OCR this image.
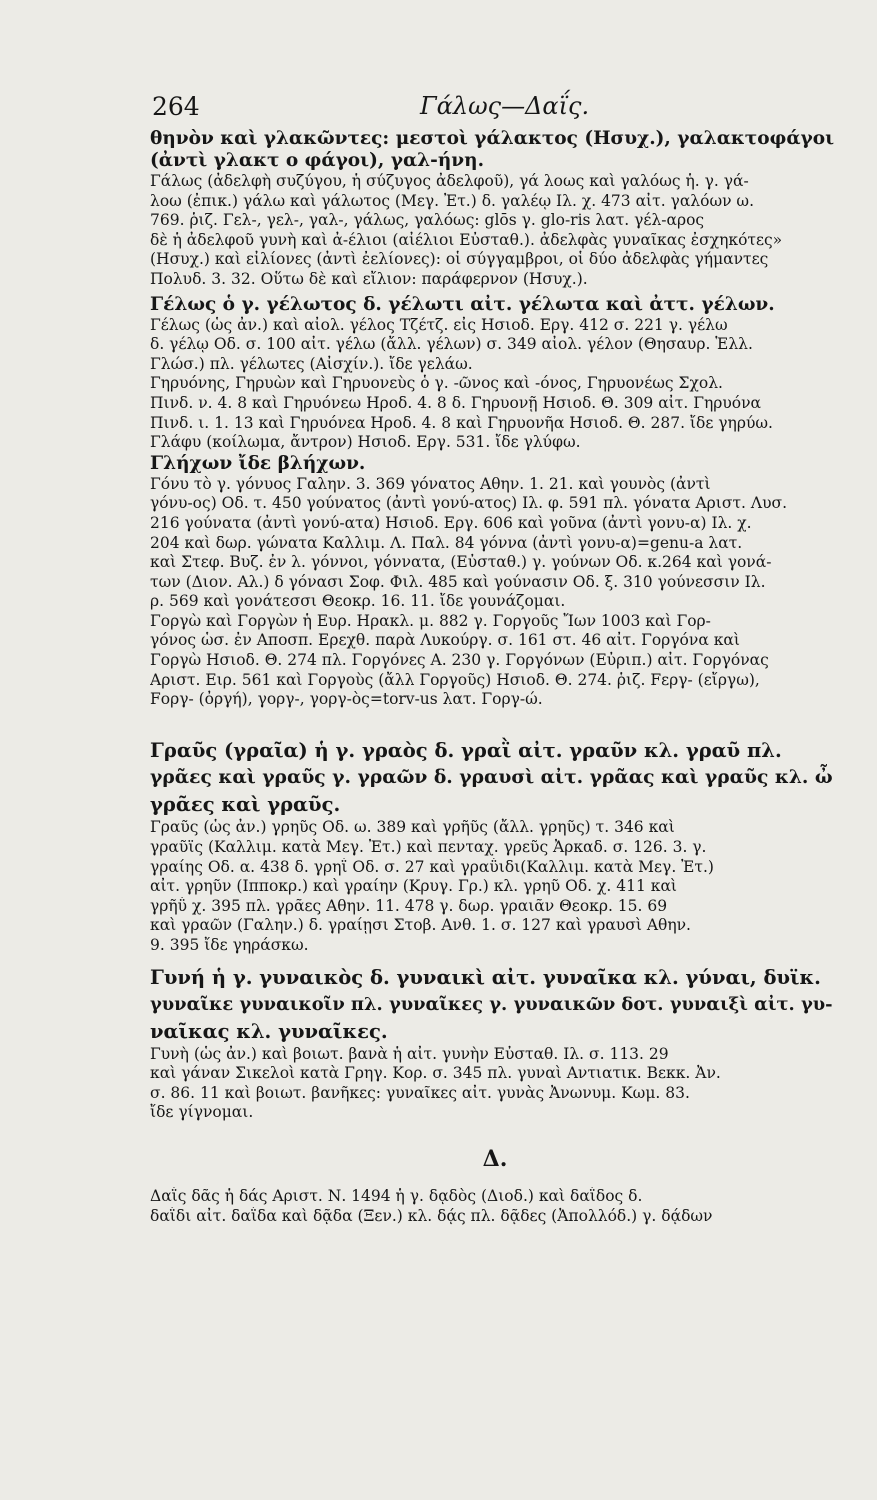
264	Γάλως—Δαΐς.
θηνὸν καὶ γλακῶντες: μεστοὶ γάλακτος (Ησυχ.), γαλακτοφάγοι
(ἀντὶ γλακτ ο φάγοι), γαλ-ήνη.
Γάλως (ἀδελφὴ συζύγου, ἡ σύζυγος ἀδελφοῦ), γά λοως καὶ γαλόως ἡ. γ. γά-
λοω (ἐπικ.) γάλω καὶ γάλωτος (Μεγ. Ἐτ.) δ. γαλέῳ Ιλ. χ. 473 αἰτ. γαλόων ω.
769. ῥιζ. Γελ-, γελ-, γαλ-, γάλως, γαλόως: glōs γ. glo-ris λατ. γέλ-αρος
δὲ ἡ ἀδελφοῦ γυνὴ καὶ ἀ-έλιοι (αἰέλιοι Εὐσταθ.). ἀδελφὰς γυναῖκας ἐσχηκότες»
(Ησυχ.) καὶ εἰλίονες (ἀντὶ ἐελίονες): οἱ σύγγαμβροι, οἱ δύο ἀδελφὰς γήμαντες
Πολυδ. 3. 32. Οὕτω δὲ καὶ εἴλιον: παράφερνον (Ησυχ.).
Γέλως ὁ γ. γέλωτος δ. γέλωτι αἰτ. γέλωτα καὶ ἀττ. γέλων.
Γέλως (ὡς ἀν.) καὶ αἰολ. γέλος Τζέτζ. εἰς Ησιοδ. Εργ. 412 σ. 221 γ. γέλω
δ. γέλῳ Οδ. σ. 100 αἰτ. γέλω (ἄλλ. γέλων) σ. 349 αἰολ. γέλον (Θησαυρ. Ἑλλ.
Γλώσ.) πλ. γέλωτες (Αἰσχίν.). ἴδε γελάω.
Γηρυόνης, Γηρυὼν καὶ Γηρυονεὺς ὁ γ. -ῶνος καὶ -όνος, Γηρυονέως Σχολ.
Πινδ. ν. 4. 8 καὶ Γηρυόνεω Ηροδ. 4. 8 δ. Γηρυονῇ Ησιοδ. Θ. 309 αἰτ. Γηρυόνα
Πινδ. ι. 1. 13 καὶ Γηρυόνεα Ηροδ. 4. 8 καὶ Γηρυονῆα Ησιοδ. Θ. 287. ἴδε γηρύω.
Γλάφυ (κοίλωμα, ἄντρον) Ησιοδ. Εργ. 531. ἴδε γλύφω.
Γλήχων ἴδε βλήχων.
Γόνυ τὸ γ. γόνυος Γαλην. 3. 369 γόνατος Αθην. 1. 21. καὶ γουνὸς (ἀντὶ
γόνυ-ος) Οδ. τ. 450 γούνατος (ἀντὶ γονύ-ατος) Ιλ. φ. 591 πλ. γόνατα Αριστ. Λυσ.
216 γούνατα (ἀντὶ γονύ-ατα) Ησιοδ. Εργ. 606 καὶ γοῦνα (ἀντὶ γονυ-α) Ιλ. χ.
204 καὶ δωρ. γώνατα Καλλιμ. Λ. Παλ. 84 γόννα (ἀντὶ γονυ-α)=genu-a λατ.
καὶ Στεφ. Βυζ. ἐν λ. γόννοι, γόννατα, (Εὐσταθ.) γ. γούνων Οδ. κ.264 καὶ γονά-
των (Διον. Αλ.) δ γόνασι Σοφ. Φιλ. 485 καὶ γούνασιν Οδ. ξ. 310 γούνεσσιν Ιλ.
ρ. 569 καὶ γονάτεσσι Θεοκρ. 16. 11. ἴδε γουνάζομαι.
Γοργὼ καὶ Γοργὼν ἡ Ευρ. Ηρακλ. μ. 882 γ. Γοργοῦς Ἴων 1003 καὶ Γορ-
γόνος ὡσ. ἐν Αποσπ. Ερεχθ. παρὰ Λυκούργ. σ. 161 στ. 46 αἰτ. Γοργόνα καὶ
Γοργὼ Ησιοδ. Θ. 274 πλ. Γοργόνες Α. 230 γ. Γοργόνων (Εὐριπ.) αἰτ. Γοργόνας
Αριστ. Ειρ. 561 καὶ Γοργοὺς (ἄλλ Γοργοῦς) Ησιοδ. Θ. 274. ῥιζ. Fεργ- (εἴργω),
Fοργ- (ὀργή), γοργ-, γοργ-ὸς=torv-us λατ. Γοργ-ώ.
Γραῦς (γραῖα) ἡ γ. γραὸς δ. γραῒ αἰτ. γραῦν κλ. γραῦ πλ.
γρᾶες καὶ γραῦς γ. γραῶν δ. γραυσὶ αἰτ. γρᾶας καὶ γραῦς κλ. ὦ
γρᾶες καὶ γραῦς.
Γραῦς (ὡς ἀν.) γρηῦς Οδ. ω. 389 καὶ γρῆῦς (ἄλλ. γρηῦς) τ. 346 καὶ
γραῦϊς (Καλλιμ. κατὰ Μεγ. Ἐτ.) καὶ πενταχ. γρεῦς Ἀρκαδ. σ. 126. 3. γ.
γραίης Οδ. α. 438 δ. γρηῒ Οδ. σ. 27 καὶ γραΰιδι(Καλλιμ. κατὰ Μεγ. Ἐτ.)
αἰτ. γρηῦν (Ιπποκρ.) καὶ γραίην (Κρυγ. Γρ.) κλ. γρηῦ Οδ. χ. 411 καὶ
γρῆΰ χ. 395 πλ. γρᾶες Αθην. 11. 478 γ. δωρ. γραιᾶν Θεοκρ. 15. 69
καὶ γραῶν (Γαλην.) δ. γραίῃσι Στοβ. Ανθ. 1. σ. 127 καὶ γραυσὶ Αθην.
9. 395 ἴδε γηράσκω.
Γυνή ἡ γ. γυναικὸς δ. γυναικὶ αἰτ. γυναῖκα κλ. γύναι, δυϊκ.
γυναῖκε γυναικοῖν πλ. γυναῖκες γ. γυναικῶν δοτ. γυναιξὶ αἰτ. γυ-
ναῖκας κλ. γυναῖκες.
Γυνὴ (ὡς ἀν.) καὶ βοιωτ. βανὰ ἡ αἰτ. γυνὴν Εὐσταθ. Ιλ. σ. 113. 29
καὶ γάναν Σικελοὶ κατὰ Γρηγ. Κορ. σ. 345 πλ. γυναὶ Αντιατικ. Βεκκ. Ἀν.
σ. 86. 11 καὶ βοιωτ. βανῆκες: γυναῖκες αἰτ. γυνὰς Ἀνωνυμ. Κωμ. 83.
ἴδε γίγνομαι.
Δ.
Δαΐς δᾶς ἡ δάς Αριστ. Ν. 1494 ἡ γ. δᾳδὸς (Διοδ.) καὶ δαΐδος δ.
δαΐδι αἰτ. δαΐδα καὶ δᾷδα (Ξεν.) κλ. δᾴς πλ. δᾷδες (Ἀπολλόδ.) γ. δᾴδων
